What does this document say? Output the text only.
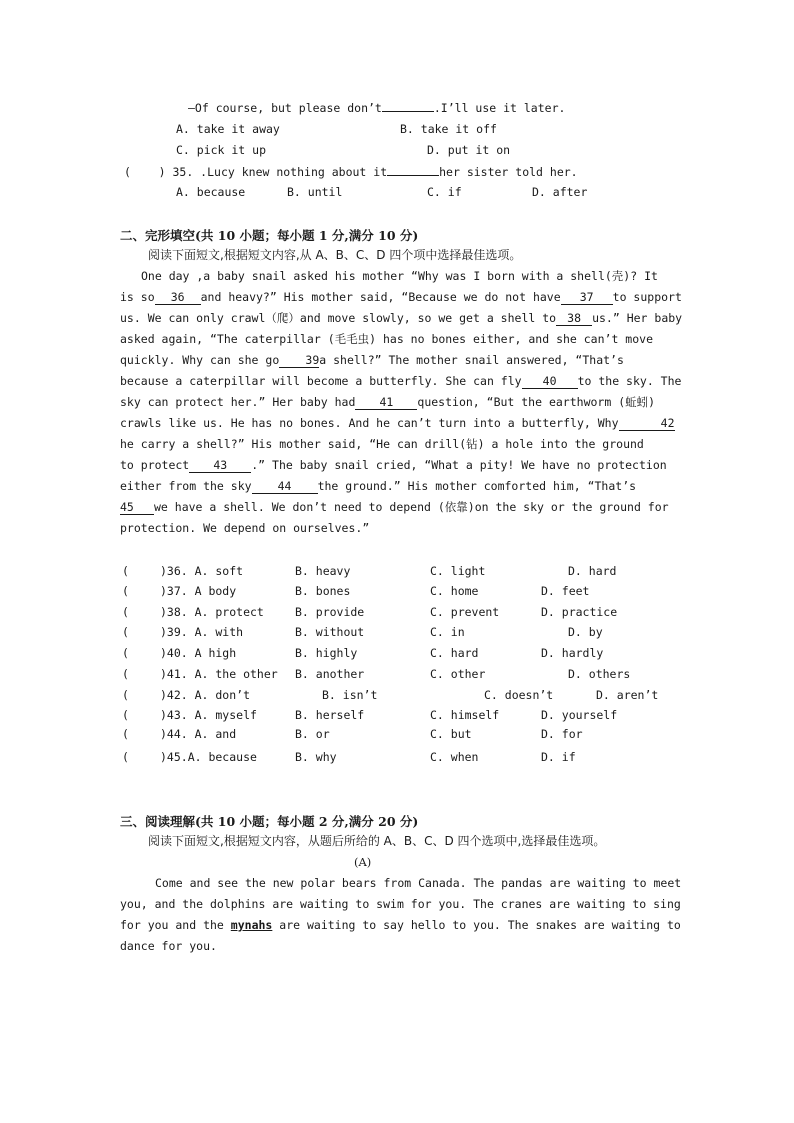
—Of course, but please don’t	.I’ll use it later.
A. take it away	B. take it off
C. pick it up	D. put it on
(    ) 35. .Lucy knew nothing about it	her sister told her.
A. because	B. until	C. if	D. after
二、完形填空(共 10 小题；每小题 1 分,满分 10 分)
阅读下面短文,根据短文内容,从 A、B、C、D 四个项中选择最佳选项。
One day ,a baby snail asked his mother “Why was I born with a shell(壳)? It
is so 36 and heavy?” His mother said, “Because we do not have 37 to support
us. We can only crawl（爬）and move slowly, so we get a shell to 38 us.” Her baby
asked again, “The caterpillar (毛毛虫) has no bones either, and she can’t move
quickly. Why can she go 39a shell?” The mother snail answered, “That’s
because a caterpillar will become a butterfly. She can fly 40 to the sky. The
sky can protect her.” Her baby had 41 question, “But the earthworm (蚯蚓)
crawls like us. He has no bones. And he can’t turn into a butterfly, Why	42
he carry a shell?” His mother said, “He can drill(钻) a hole into the ground
to protect 43 .” The baby snail cried, “What a pity! We have no protection
either from the sky 44 the ground.” His mother comforted him, “That’s
45 we have a shell. We don’t need to depend (依靠)on the sky or the ground for
protection. We depend on ourselves.”
(	)36. A. soft	B. heavy	C. light	D. hard
(	)37. A body	B. bones	C. home	D. feet
(	)38. A. protect	B. provide	C. prevent	D. practice
(	)39. A. with	B. without	C. in	D. by
(	)40. A high	B. highly	C. hard	D. hardly
(	)41. A. the other B. another	C. other	D. others
(	)42. A. don’t	B. isn’t	C. doesn’t	D. aren’t
(	)43. A. myself	B. herself	C. himself	D. yourself
(	)44. A. and	B. or	C. but	D. for
(	)45.A. because	B. why	C. when	D. if
三、阅读理解(共 10 小题；每小题 2 分,满分 20 分)
阅读下面短文,根据短文内容，从题后所给的 A、B、C、D 四个选项中,选择最佳选项。
(A)
Come and see the new polar bears from Canada. The pandas are waiting to meet
you, and the dolphins are waiting to swim for you. The cranes are waiting to sing
for you and the mynahs are waiting to say hello to you. The snakes are waiting to
dance for you.
